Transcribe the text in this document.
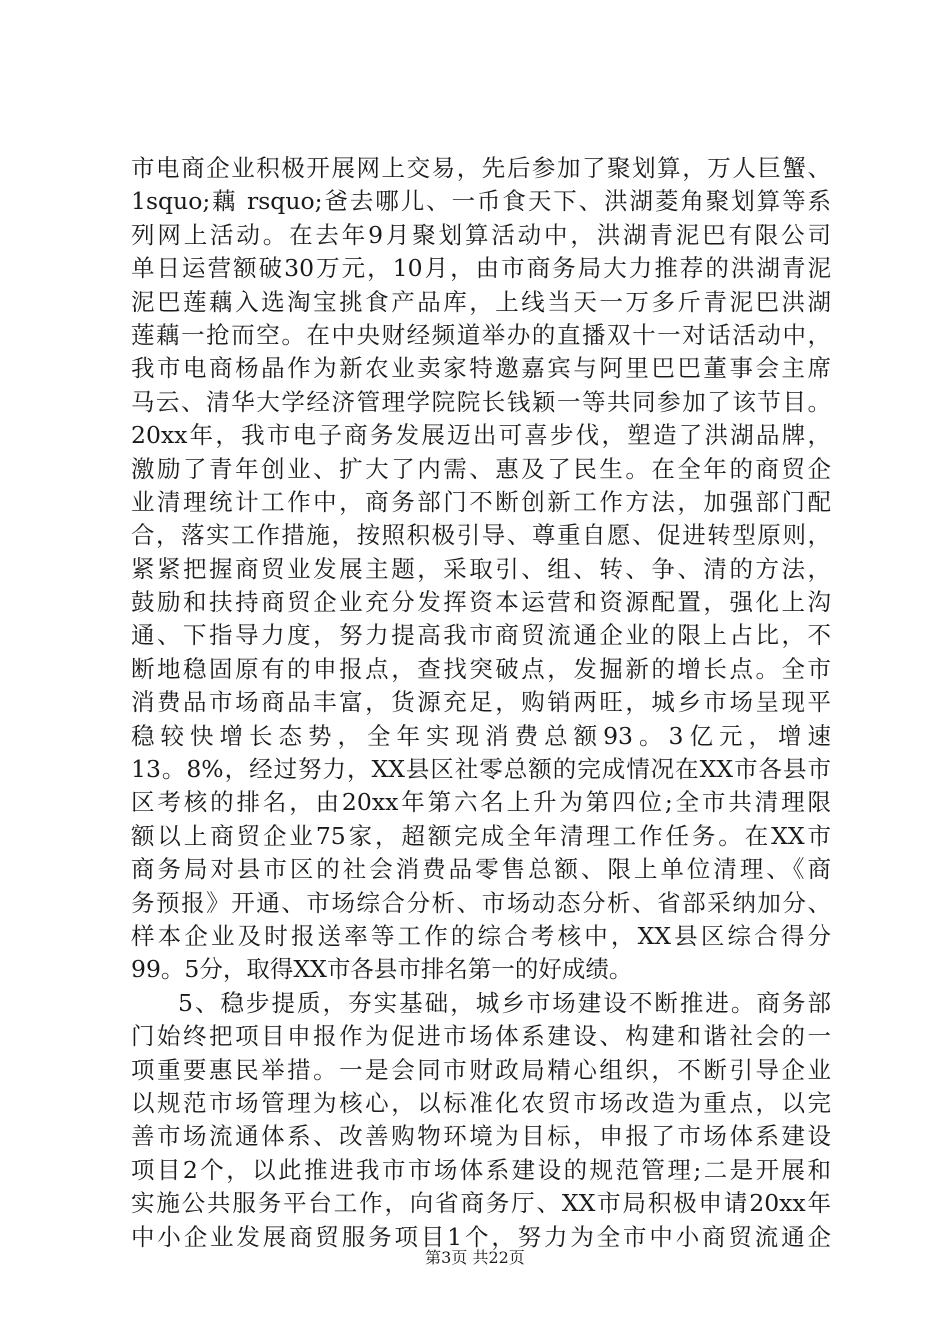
市电商企业积极开展网上交易，先后参加了聚划算，万人巨蟹、
1squo;藕 rsquo;爸去哪儿、一币食天下、洪湖菱角聚划算等系
列网上活动。在去年9月聚划算活动中，洪湖青泥巴有限公司
单日运营额破30万元，10月，由市商务局大力推荐的洪湖青泥
泥巴莲藕入选淘宝挑食产品库，上线当天一万多斤青泥巴洪湖
莲藕一抢而空。在中央财经频道举办的直播双十一对话活动中，
我市电商杨晶作为新农业卖家特邀嘉宾与阿里巴巴董事会主席
马云、清华大学经济管理学院院长钱颖一等共同参加了该节目。
20xx年，我市电子商务发展迈出可喜步伐，塑造了洪湖品牌，
激励了青年创业、扩大了内需、惠及了民生。在全年的商贸企
业清理统计工作中，商务部门不断创新工作方法，加强部门配
合，落实工作措施，按照积极引导、尊重自愿、促进转型原则，
紧紧把握商贸业发展主题，采取引、组、转、争、清的方法，
鼓励和扶持商贸企业充分发挥资本运营和资源配置，强化上沟
通、下指导力度，努力提高我市商贸流通企业的限上占比，不
断地稳固原有的申报点，查找突破点，发掘新的增长点。全市
消费品市场商品丰富，货源充足，购销两旺，城乡市场呈现平
稳较快增长态势，全年实现消费总额93。3亿元，增速
13。8%，经过努力，XX县区社零总额的完成情况在XX市各县市
区考核的排名，由20xx年第六名上升为第四位;全市共清理限
额以上商贸企业75家，超额完成全年清理工作任务。在XX市
商务局对县市区的社会消费品零售总额、限上单位清理、《商
务预报》开通、市场综合分析、市场动态分析、省部采纳加分、
样本企业及时报送率等工作的综合考核中，XX县区综合得分
99。5分，取得XX市各县市排名第一的好成绩。
5、稳步提质，夯实基础，城乡市场建设不断推进。商务部
门始终把项目申报作为促进市场体系建设、构建和谐社会的一
项重要惠民举措。一是会同市财政局精心组织，不断引导企业
以规范市场管理为核心，以标准化农贸市场改造为重点，以完
善市场流通体系、改善购物环境为目标，申报了市场体系建设
项目2个，以此推进我市市场体系建设的规范管理;二是开展和
实施公共服务平台工作，向省商务厅、XX市局积极申请20xx年
中小企业发展商贸服务项目1个，努力为全市中小商贸流通企
第3页 共22页
